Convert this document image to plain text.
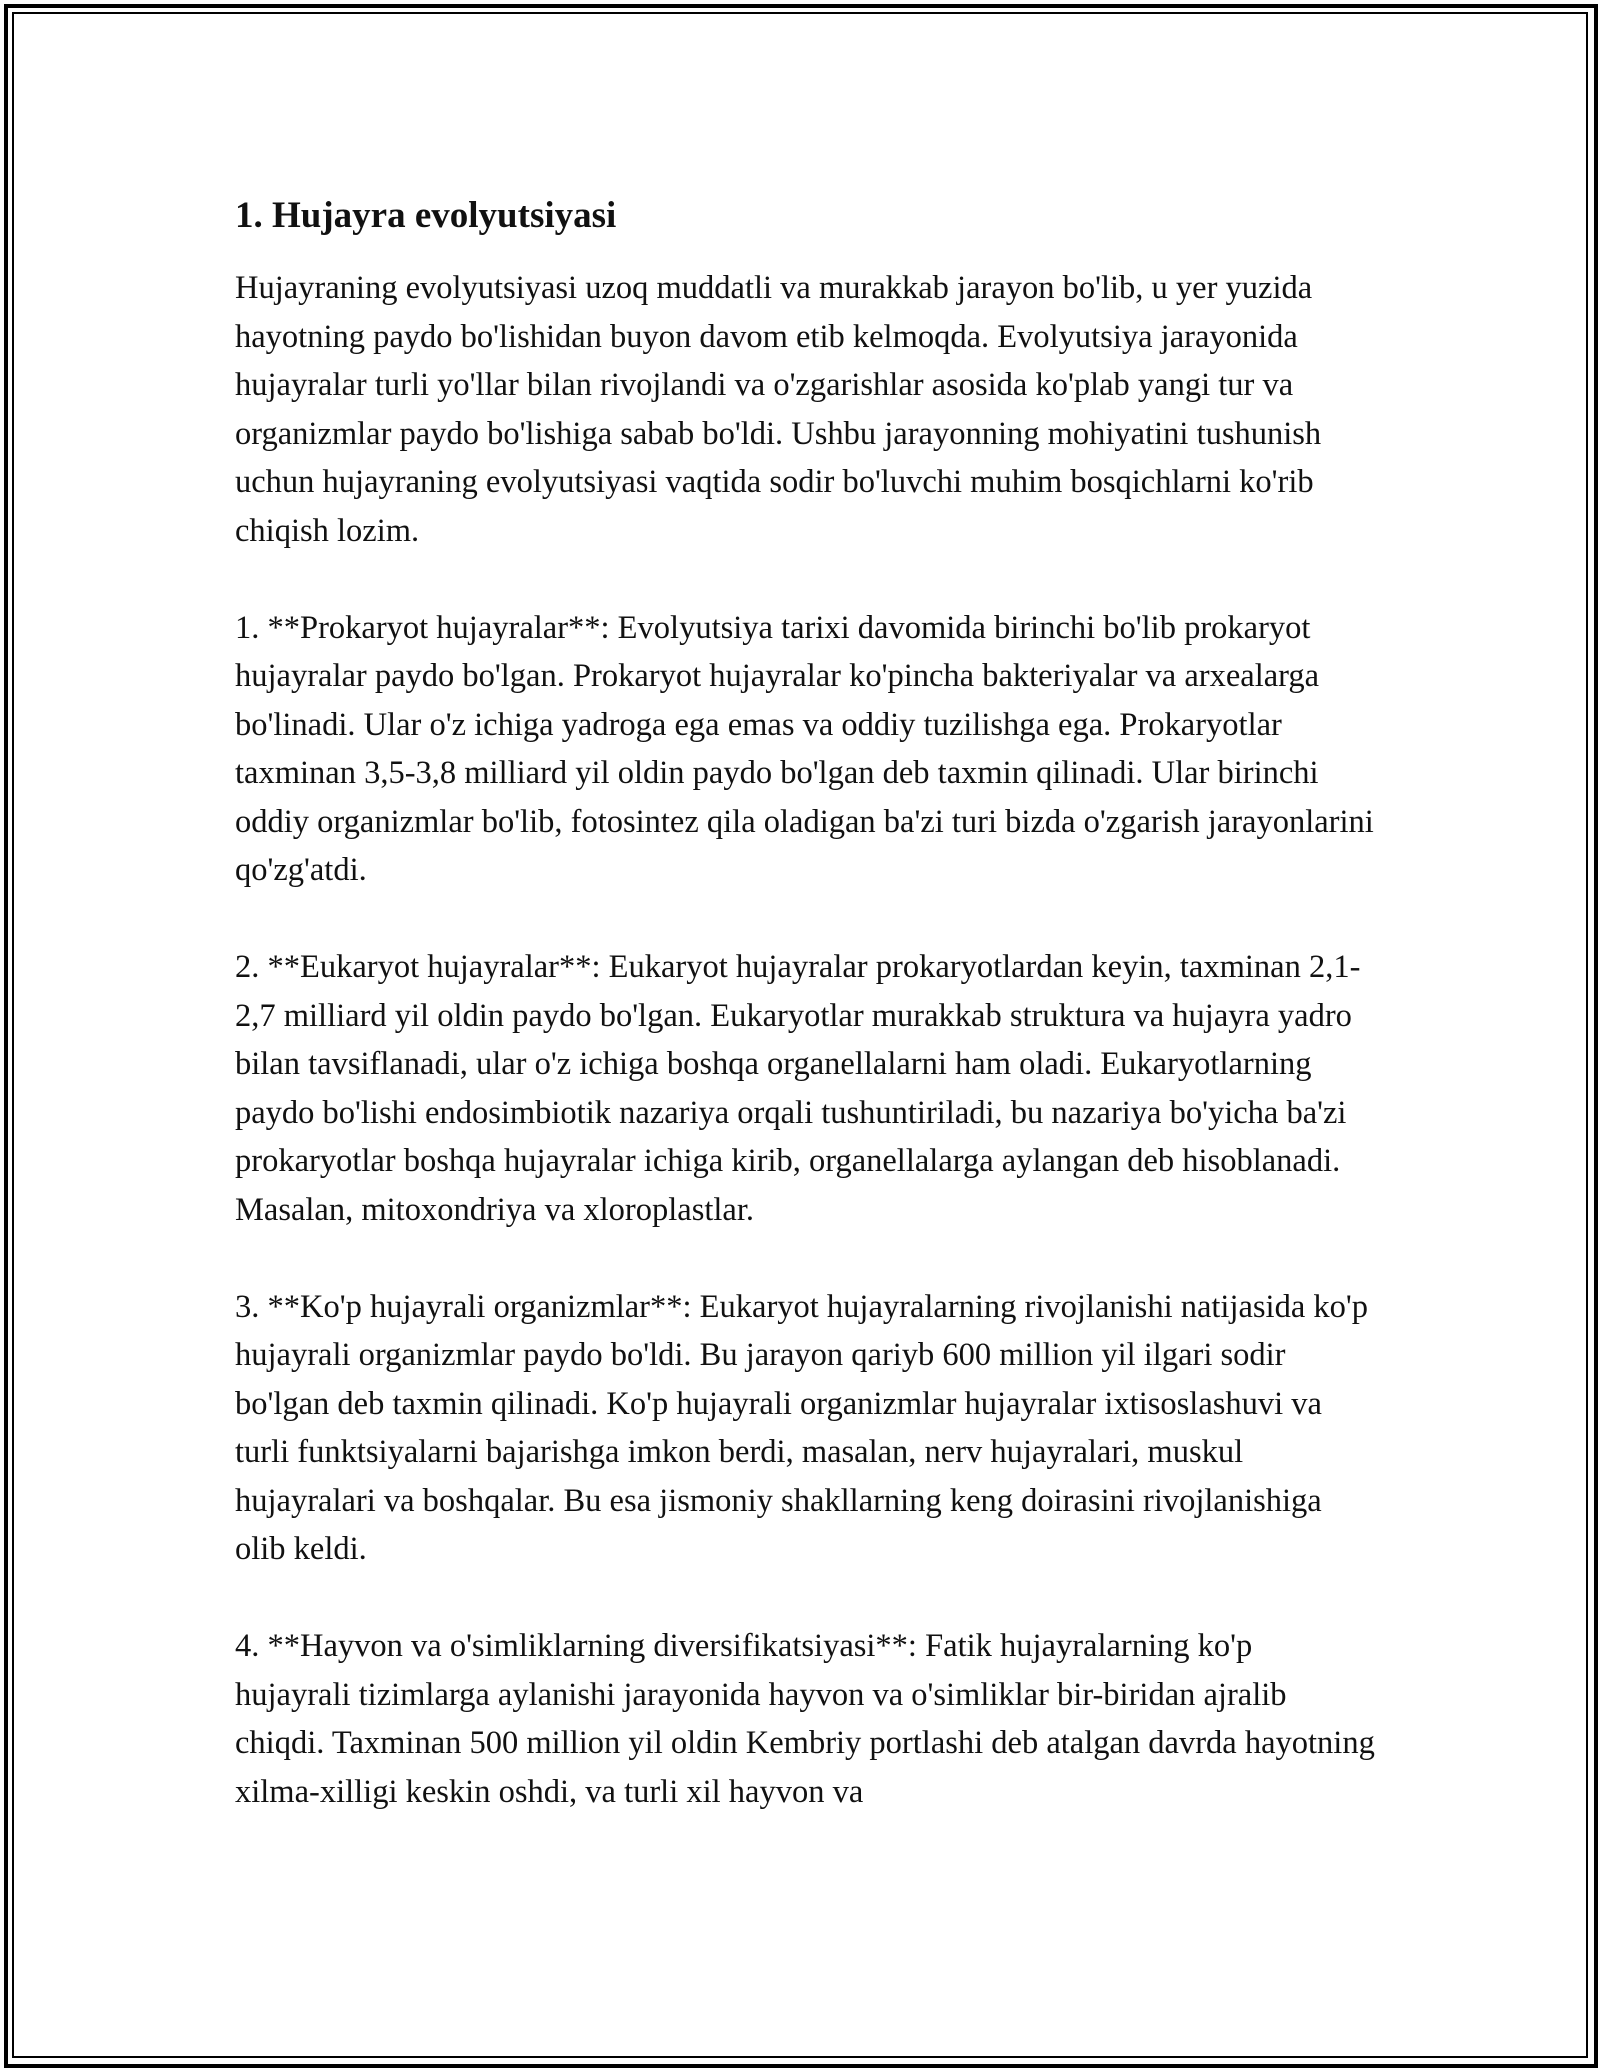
1. Hujayra evolyutsiyasi

Hujayraning evolyutsiyasi uzoq muddatli va murakkab jarayon bo'lib, u yer yuzida hayotning paydo bo'lishidan buyon davom etib kelmoqda. Evolyutsiya jarayonida hujayralar turli yo'llar bilan rivojlandi va o'zgarishlar asosida ko'plab yangi tur va organizmlar paydo bo'lishiga sabab bo'ldi. Ushbu jarayonning mohiyatini tushunish uchun hujayraning evolyutsiyasi vaqtida sodir bo'luvchi muhim bosqichlarni ko'rib chiqish lozim.

1. **Prokaryot hujayralar**: Evolyutsiya tarixi davomida birinchi bo'lib prokaryot hujayralar paydo bo'lgan. Prokaryot hujayralar ko'pincha bakteriyalar va arxealarga bo'linadi. Ular o'z ichiga yadroga ega emas va oddiy tuzilishga ega. Prokaryotlar taxminan 3,5-3,8 milliard yil oldin paydo bo'lgan deb taxmin qilinadi. Ular birinchi oddiy organizmlar bo'lib, fotosintez qila oladigan ba'zi turi bizda o'zgarish jarayonlarini qo'zg'atdi.

2. **Eukaryot hujayralar**: Eukaryot hujayralar prokaryotlardan keyin, taxminan 2,1-2,7 milliard yil oldin paydo bo'lgan. Eukaryotlar murakkab struktura va hujayra yadro bilan tavsiflanadi, ular o'z ichiga boshqa organellalarni ham oladi. Eukaryotlarning paydo bo'lishi endosimbiotik nazariya orqali tushuntiriladi, bu nazariya bo'yicha ba'zi prokaryotlar boshqa hujayralar ichiga kirib, organellalarga aylangan deb hisoblanadi. Masalan, mitoxondriya va xloroplastlar.

3. **Ko'p hujayrali organizmlar**: Eukaryot hujayralarning rivojlanishi natijasida ko'p hujayrali organizmlar paydo bo'ldi. Bu jarayon qariyb 600 million yil ilgari sodir bo'lgan deb taxmin qilinadi. Ko'p hujayrali organizmlar hujayralar ixtisoslashuvi va turli funktsiyalarni bajarishga imkon berdi, masalan, nerv hujayralari, muskul hujayralari va boshqalar. Bu esa jismoniy shakllarning keng doirasini rivojlanishiga olib keldi.

4. **Hayvon va o'simliklarning diversifikatsiyasi**: Fatik hujayralarning ko'p hujayrali tizimlarga aylanishi jarayonida hayvon va o'simliklar bir-biridan ajralib chiqdi. Taxminan 500 million yil oldin Kembriy portlashi deb atalgan davrda hayotning xilma-xilligi keskin oshdi, va turli xil hayvon va
